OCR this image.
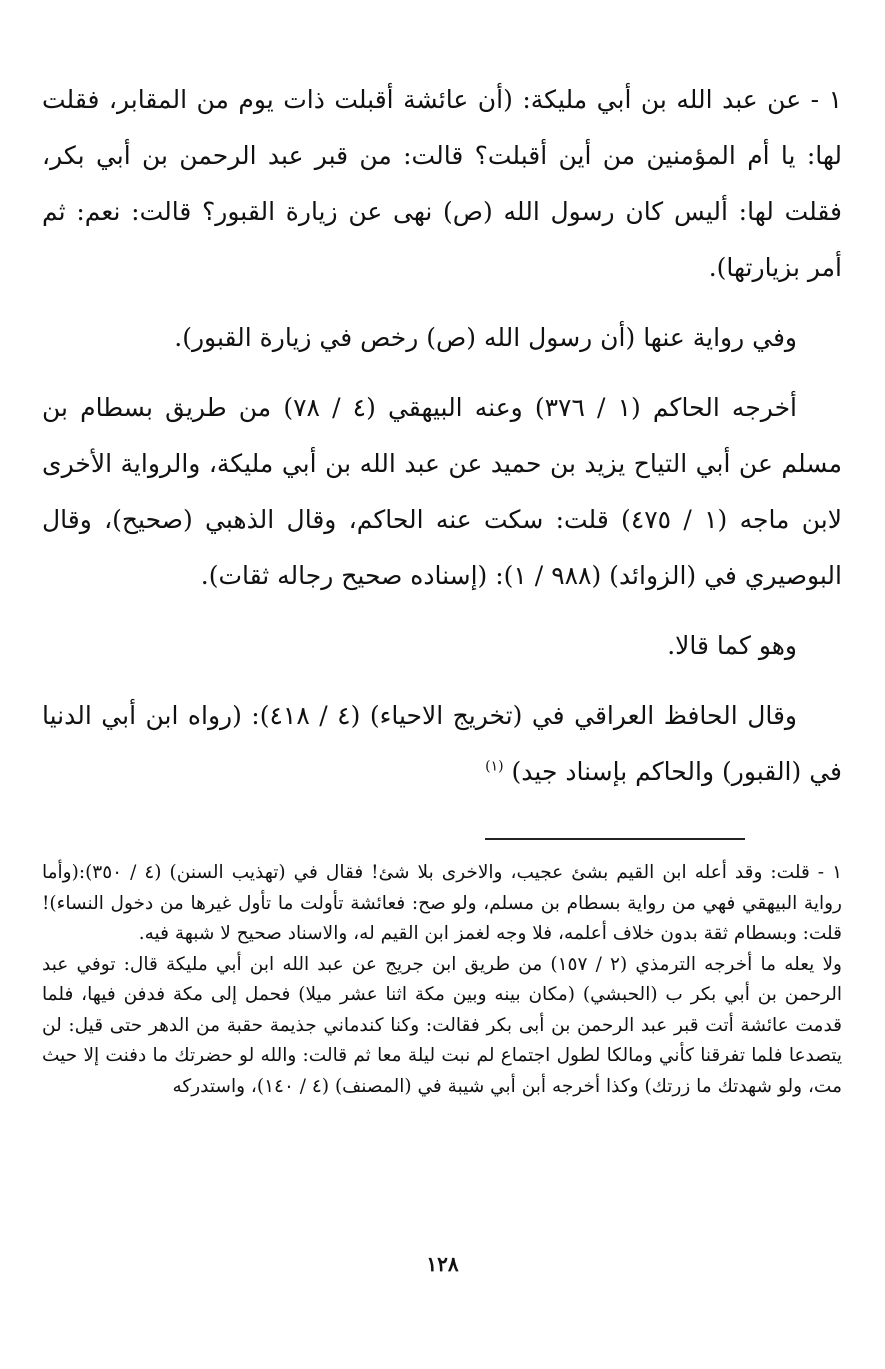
١ - عن عبد الله بن أبي مليكة: (أن عائشة أقبلت ذات يوم من المقابر، فقلت لها: يا أم المؤمنين من أين أقبلت؟ قالت: من قبر عبد الرحمن بن أبي بكر، فقلت لها: أليس كان رسول الله (ص) نهى عن زيارة القبور؟ قالت: نعم: ثم أمر بزيارتها).

وفي رواية عنها (أن رسول الله (ص) رخص في زيارة القبور).

أخرجه الحاكم (١ / ٣٧٦) وعنه البيهقي (٤ / ٧٨) من طريق بسطام بن مسلم عن أبي التياح يزيد بن حميد عن عبد الله بن أبي مليكة، والرواية الأخرى لابن ماجه (١ / ٤٧٥) قلت: سكت عنه الحاكم، وقال الذهبي (صحيح)، وقال البوصيري في (الزوائد) (٩٨٨ / ١): (إسناده صحيح رجاله ثقات).

وهو كما قالا.

وقال الحافظ العراقي في (تخريج الاحياء) (٤ / ٤١٨): (رواه ابن أبي الدنيا في (القبور) والحاكم بإسناد جيد) $^{(١)}$

١ - قلت: وقد أعله ابن القيم بشئ عجيب، والاخرى بلا شئ! فقال في (تهذيب السنن) (٤ / ٣٥٠):(وأما رواية البيهقي فهي من رواية بسطام بن مسلم، ولو صح: فعائشة تأولت ما تأول غيرها من دخول النساء)! قلت: وبسطام ثقة بدون خلاف أعلمه، فلا وجه لغمز ابن القيم له، والاسناد صحيح لا شبهة فيه.

ولا يعله ما أخرجه الترمذي (٢ / ١٥٧) من طريق ابن جريج عن عبد الله ابن أبي مليكة قال: توفي عبد الرحمن بن أبي بكر ب (الحبشي) (مكان بينه وبين مكة اثنا عشر ميلا) فحمل إلى مكة فدفن فيها، فلما قدمت عائشة أتت قبر عبد الرحمن بن أبى بكر فقالت: وكنا كندماني جذيمة حقبة من الدهر حتى قيل: لن يتصدعا فلما تفرقنا كأني ومالكا لطول اجتماع لم نبت ليلة معا ثم قالت: والله لو حضرتك ما دفنت إلا حيث مت، ولو شهدتك ما زرتك) وكذا أخرجه أبن أبي شيبة في (المصنف) (٤ / ١٤٠)، واستدركه

١٢٨
